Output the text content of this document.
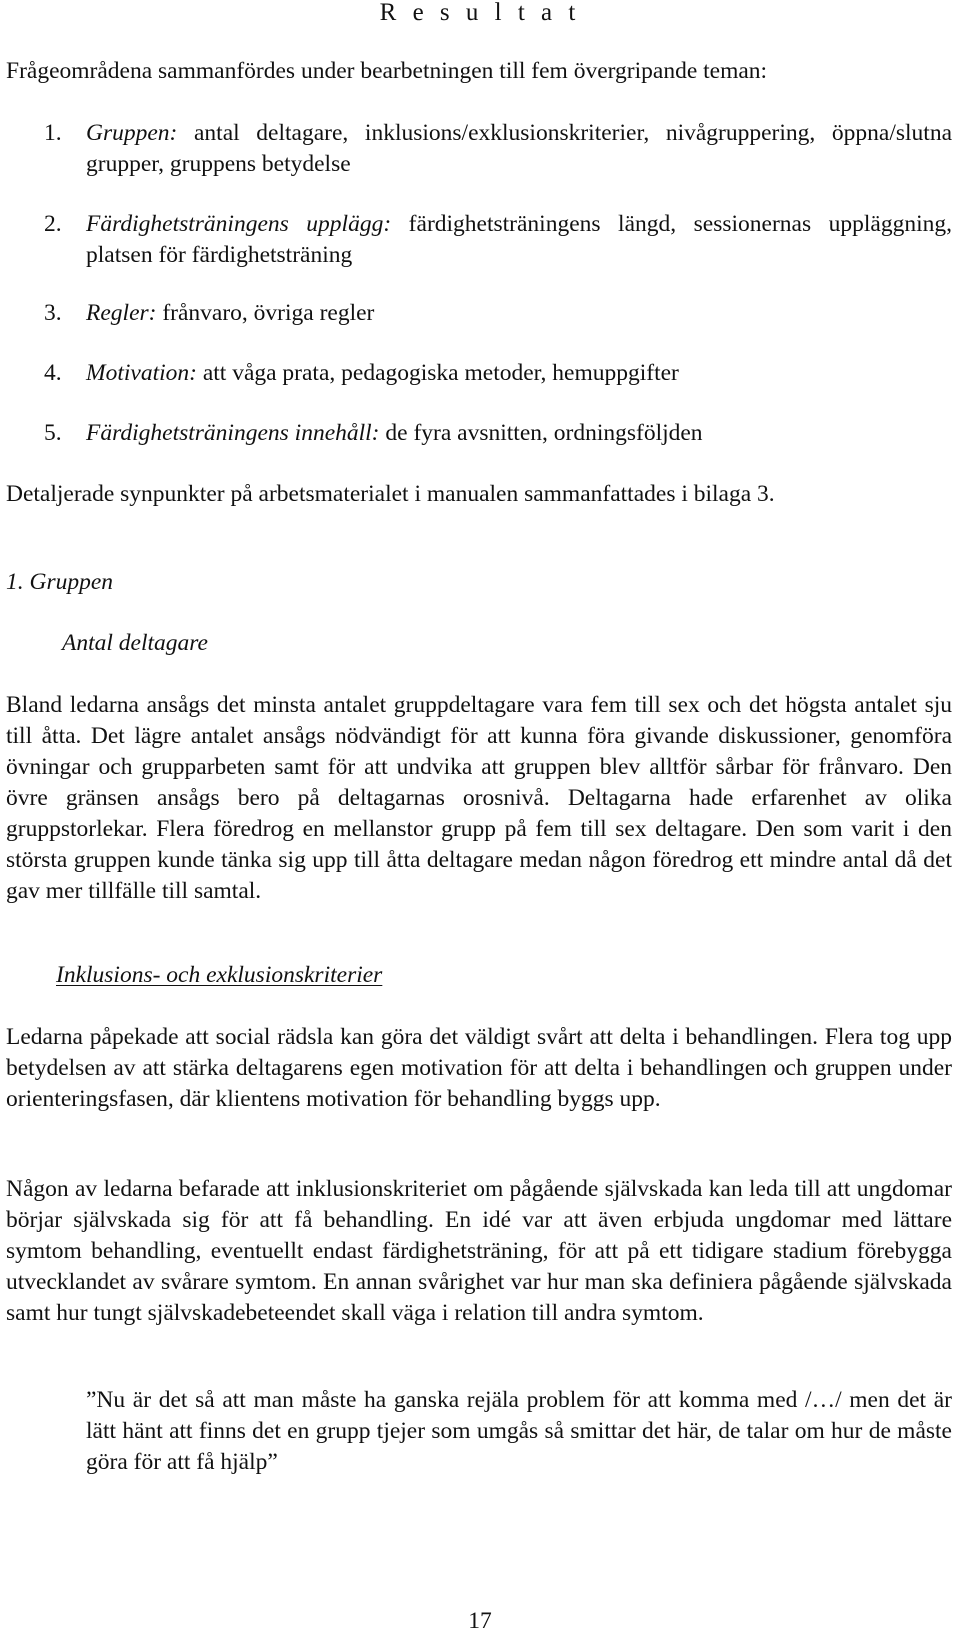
R e s u l t a t
Frågeområdena sammanfördes under bearbetningen till fem övergripande teman:
1. Gruppen: antal deltagare, inklusions/exklusionskriterier, nivågruppering, öppna/slutna grupper, gruppens betydelse
2. Färdighetsträningens upplägg: färdighetsträningens längd, sessionernas uppläggning, platsen för färdighetsträning
3. Regler: frånvaro, övriga regler
4. Motivation: att våga prata, pedagogiska metoder, hemuppgifter
5. Färdighetsträningens innehåll: de fyra avsnitten, ordningsföljden
Detaljerade synpunkter på arbetsmaterialet i manualen sammanfattades i bilaga 3.
1. Gruppen
Antal deltagare
Bland ledarna ansågs det minsta antalet gruppdeltagare vara fem till sex och det högsta antalet sju till åtta. Det lägre antalet ansågs nödvändigt för att kunna föra givande diskussioner, genomföra övningar och grupparbeten samt för att undvika att gruppen blev alltför sårbar för frånvaro. Den övre gränsen ansågs bero på deltagarnas orosnivå. Deltagarna hade erfarenhet av olika gruppstorlekar. Flera föredrog en mellanstor grupp på fem till sex deltagare. Den som varit i den största gruppen kunde tänka sig upp till åtta deltagare medan någon föredrog ett mindre antal då det gav mer tillfälle till samtal.
Inklusions- och exklusionskriterier
Ledarna påpekade att social rädsla kan göra det väldigt svårt att delta i behandlingen. Flera tog upp betydelsen av att stärka deltagarens egen motivation för att delta i behandlingen och gruppen under orienteringsfasen, där klientens motivation för behandling byggs upp.
Någon av ledarna befarade att inklusionskriteriet om pågående självskada kan leda till att ungdomar börjar självskada sig för att få behandling. En idé var att även erbjuda ungdomar med lättare symtom behandling, eventuellt endast färdighetsträning, för att på ett tidigare stadium förebygga utvecklandet av svårare symtom. En annan svårighet var hur man ska definiera pågående självskada samt hur tungt självskadebeteendet skall väga i relation till andra symtom.
”Nu är det så att man måste ha ganska rejäla problem för att komma med /…/ men det är lätt hänt att finns det en grupp tjejer som umgås så smittar det här, de talar om hur de måste göra för att få hjälp”
17
